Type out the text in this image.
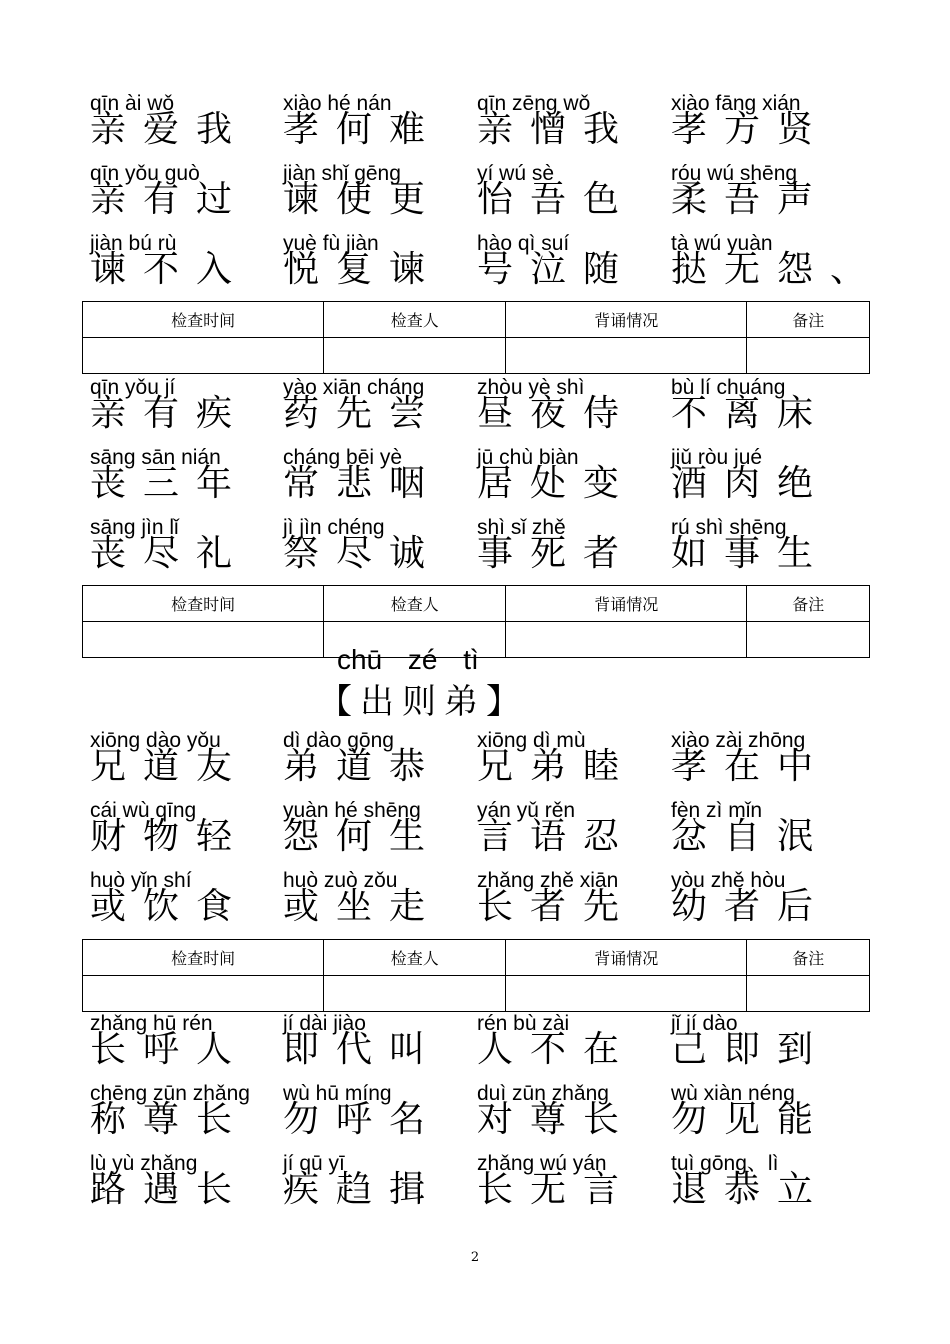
qīn ài wǒ
亲爱我
xiào hé nán
孝何难
qīn zēng wǒ
亲憎我
xiào fāng xián
孝方贤
qīn yǒu guò
亲有过
jiàn shǐ gēng
谏使更
yí wú sè
怡吾色
róu wú shēng
柔吾声
jiàn bú rù
谏不入
yuè fù jiàn
悦复谏
hào qì suí
号泣随
tà wú yuàn
挞无怨、
检查时间	检查人	背诵情况	备注

qīn yǒu jí
亲有疾
yào xiān cháng
药先尝
zhòu yè shì
昼夜侍
bù lí chuáng
不离床
sāng sān nián
丧三年
cháng bēi yè
常悲咽
jū chù biàn
居处变
jiǔ ròu jué
酒肉绝
sāng jìn lǐ
丧尽礼
jì jìn chéng
祭尽诚
shì sǐ zhě
事死者
rú shì shēng
如事生
检查时间	检查人	背诵情况	备注

chū zé tì
【出则弟】
xiōng dào yǒu
兄道友
dì dào gōng
弟道恭
xiōng dì mù
兄弟睦
xiào zài zhōng
孝在中
cái wù qīng
财物轻
yuàn hé shēng
怨何生
yán yǔ rěn
言语忍
fèn zì mǐn
忿自泯
huò yǐn shí
或饮食
huò zuò zǒu
或坐走
zhǎng zhě xiān
长者先
yòu zhě hòu
幼者后
检查时间	检查人	背诵情况	备注

zhǎng hū rén
长呼人
jí dài jiào
即代叫
rén bù zài
人不在
jǐ jí dào
己即到
chēng zūn zhǎng
称尊长
wù hū míng
勿呼名
duì zūn zhǎng
对尊长
wù xiàn néng
勿见能
lù yù zhǎng
路遇长
jí qū yī
疾趋揖
zhǎng wú yán
长无言
tuì gōng、lì
退恭立
2
